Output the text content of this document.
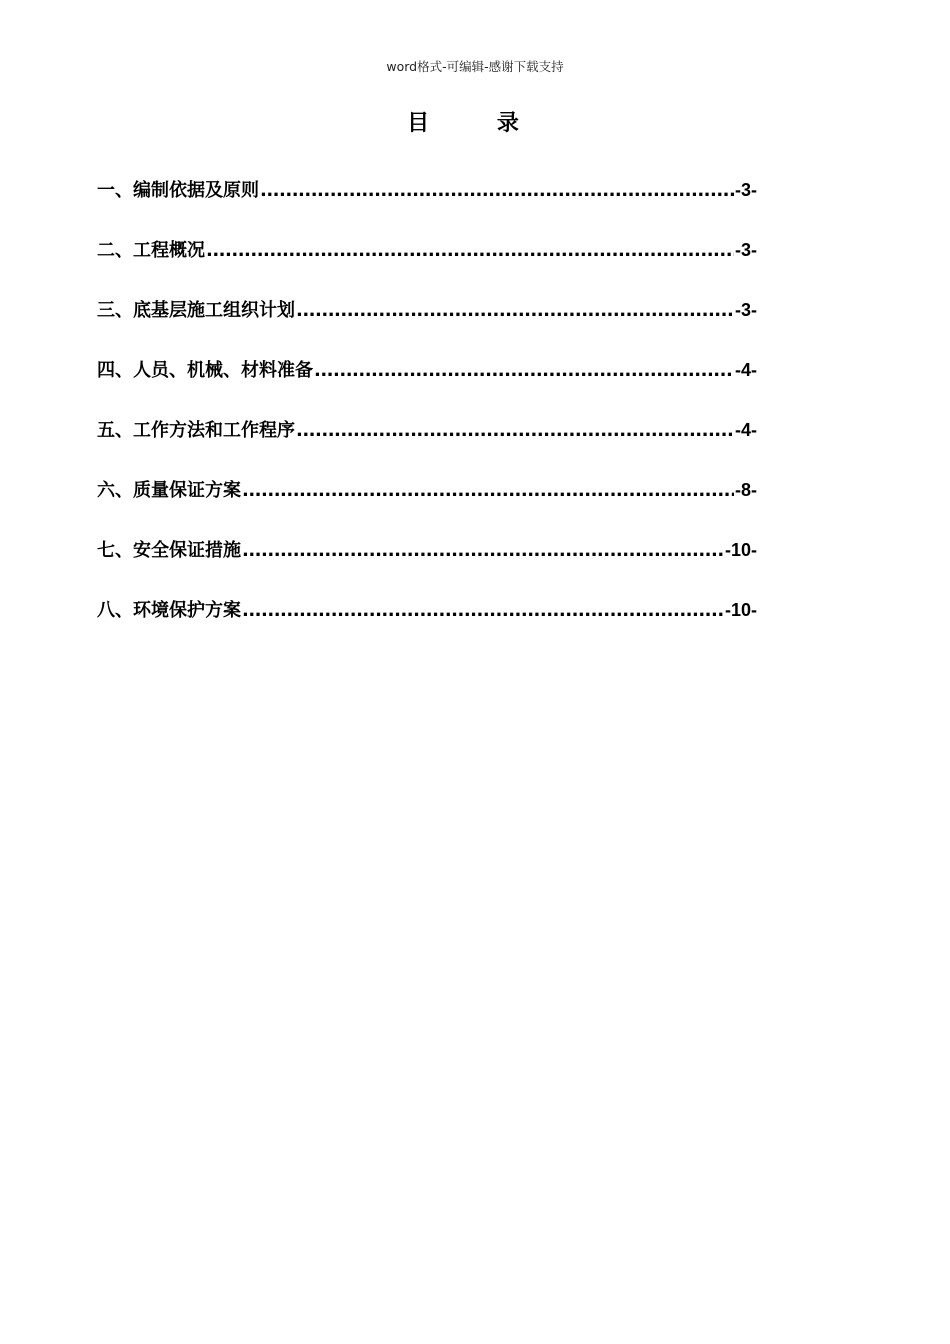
word格式-可编辑-感谢下载支持
目 录
一、编制依据及原则 .....	-3-
二、工程概况 .....	-3-
三、底基层施工组织计划 .....	-3-
四、人员、机械、材料准备 .....	-4-
五、工作方法和工作程序 .....	-4-
六、质量保证方案 .....	-8-
七、安全保证措施 .....	-10-
八、环境保护方案 .....	-10-
